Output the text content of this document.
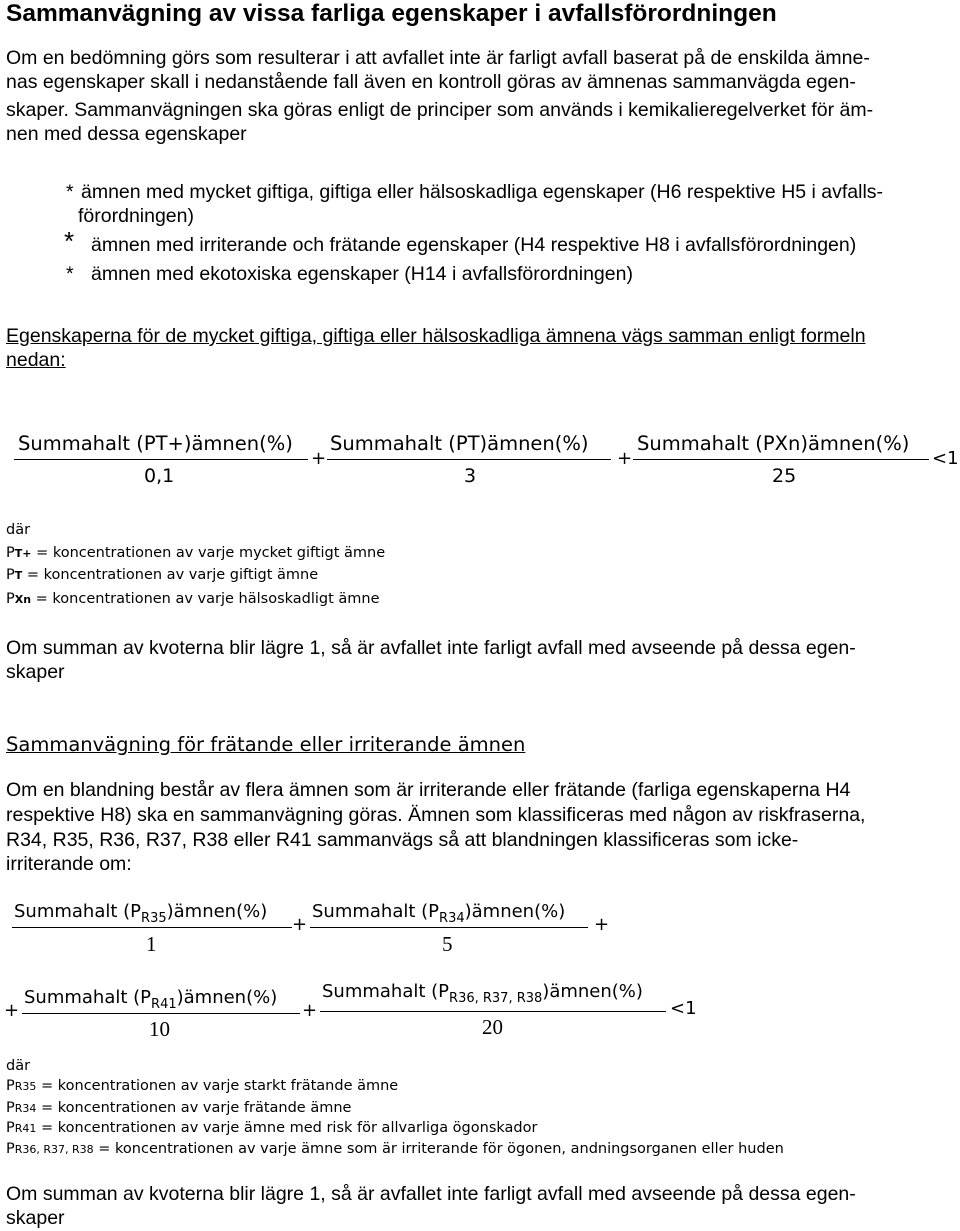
Sammanvägning av vissa farliga egenskaper i avfallsförordningen
Om en bedömning görs som resulterar i att avfallet inte är farligt avfall baserat på de enskilda ämne-
nas egenskaper skall i nedanstående fall även en kontroll göras av ämnenas sammanvägda egen-
skaper. Sammanvägningen ska göras enligt de principer som används i kemikalieregelverket för äm-
nen med dessa egenskaper
* ämnen med mycket giftiga, giftiga eller hälsoskadliga egenskaper (H6 respektive H5 i avfalls-
förordningen)
* ämnen med irriterande och frätande egenskaper (H4 respektive H8 i avfallsförordningen)
* ämnen med ekotoxiska egenskaper (H14 i avfallsförordningen)
Egenskaperna för de mycket giftiga, giftiga eller hälsoskadliga ämnena vägs samman enligt formeln
nedan:
Summahalt (PT+)ämnen(%)
0,1
+
Summahalt (PT)ämnen(%)
3
+
Summahalt (PXn)ämnen(%)
25
<1
där
PT+ = koncentrationen av varje mycket giftigt ämne
PT = koncentrationen av varje giftigt ämne
PXn = koncentrationen av varje hälsoskadligt ämne
Om summan av kvoterna blir lägre 1, så är avfallet inte farligt avfall med avseende på dessa egen-
skaper
Sammanvägning för frätande eller irriterande ämnen
Om en blandning består av flera ämnen som är irriterande eller frätande (farliga egenskaperna H4
respektive H8) ska en sammanvägning göras. Ämnen som klassificeras med någon av riskfraserna,
R34, R35, R36, R37, R38 eller R41 sammanvägs så att blandningen klassificeras som icke-
irriterande om:
Summahalt $(P_{R35})ämnen(\%)$
1
+
Summahalt $(P_{R34})ämnen(\%)$
5
+
+
Summahalt $(P_{R41})ämnen(\%)$
10
+
Summahalt $(P_{R36, R37, R38})ämnen(\%)$
20
<1
där
PR35 = koncentrationen av varje starkt frätande ämne
PR34 = koncentrationen av varje frätande ämne
PR41 = koncentrationen av varje ämne med risk för allvarliga ögonskador
PR36, R37, R38 = koncentrationen av varje ämne som är irriterande för ögonen, andningsorganen eller huden
Om summan av kvoterna blir lägre 1, så är avfallet inte farligt avfall med avseende på dessa egen-
skaper
